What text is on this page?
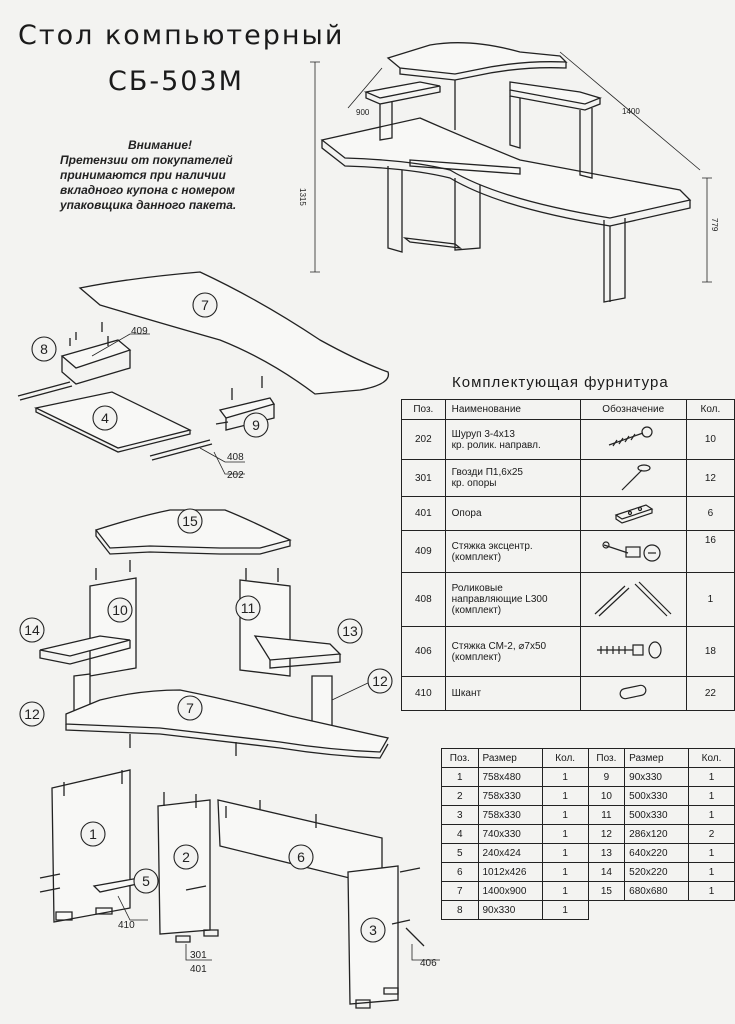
Стол компьютерный
СБ-503М
Внимание!
Претензии от покупателей
принимаются при наличии
вкладного купона с номером
упаковщика данного пакета.
7
8
4	9
15
10	11
14	13
12	7
12
1
2	6
5
3
409
408
202
410
301
401
406
900	1400
1315
779
Комплектующая фурнитура
Поз.	Наименование	Обозначение	Кол.
202	Шуруп 3-4х13
кр. ролик. направл.		10
301	Гвозди П1,6х25
кр. опоры		12
401	Опора		6
409	Стяжка эксцентр.
(комплект)		16
408	Роликовые
направляющие L300
(комплект)		1
406	Стяжка СМ-2, ⌀7х50
(комплект)		18
410	Шкант		22
Поз.	Размер	Кол.	Поз.	Размер	Кол.
1	758х480	1	9	90х330	1
2	758х330	1	10	500х330	1
3	758х330	1	11	500х330	1
4	740х330	1	12	286х120	2
5	240х424	1	13	640х220	1
6	1012х426	1	14	520х220	1
7	1400х900	1	15	680х680	1
8	90х330	1			
